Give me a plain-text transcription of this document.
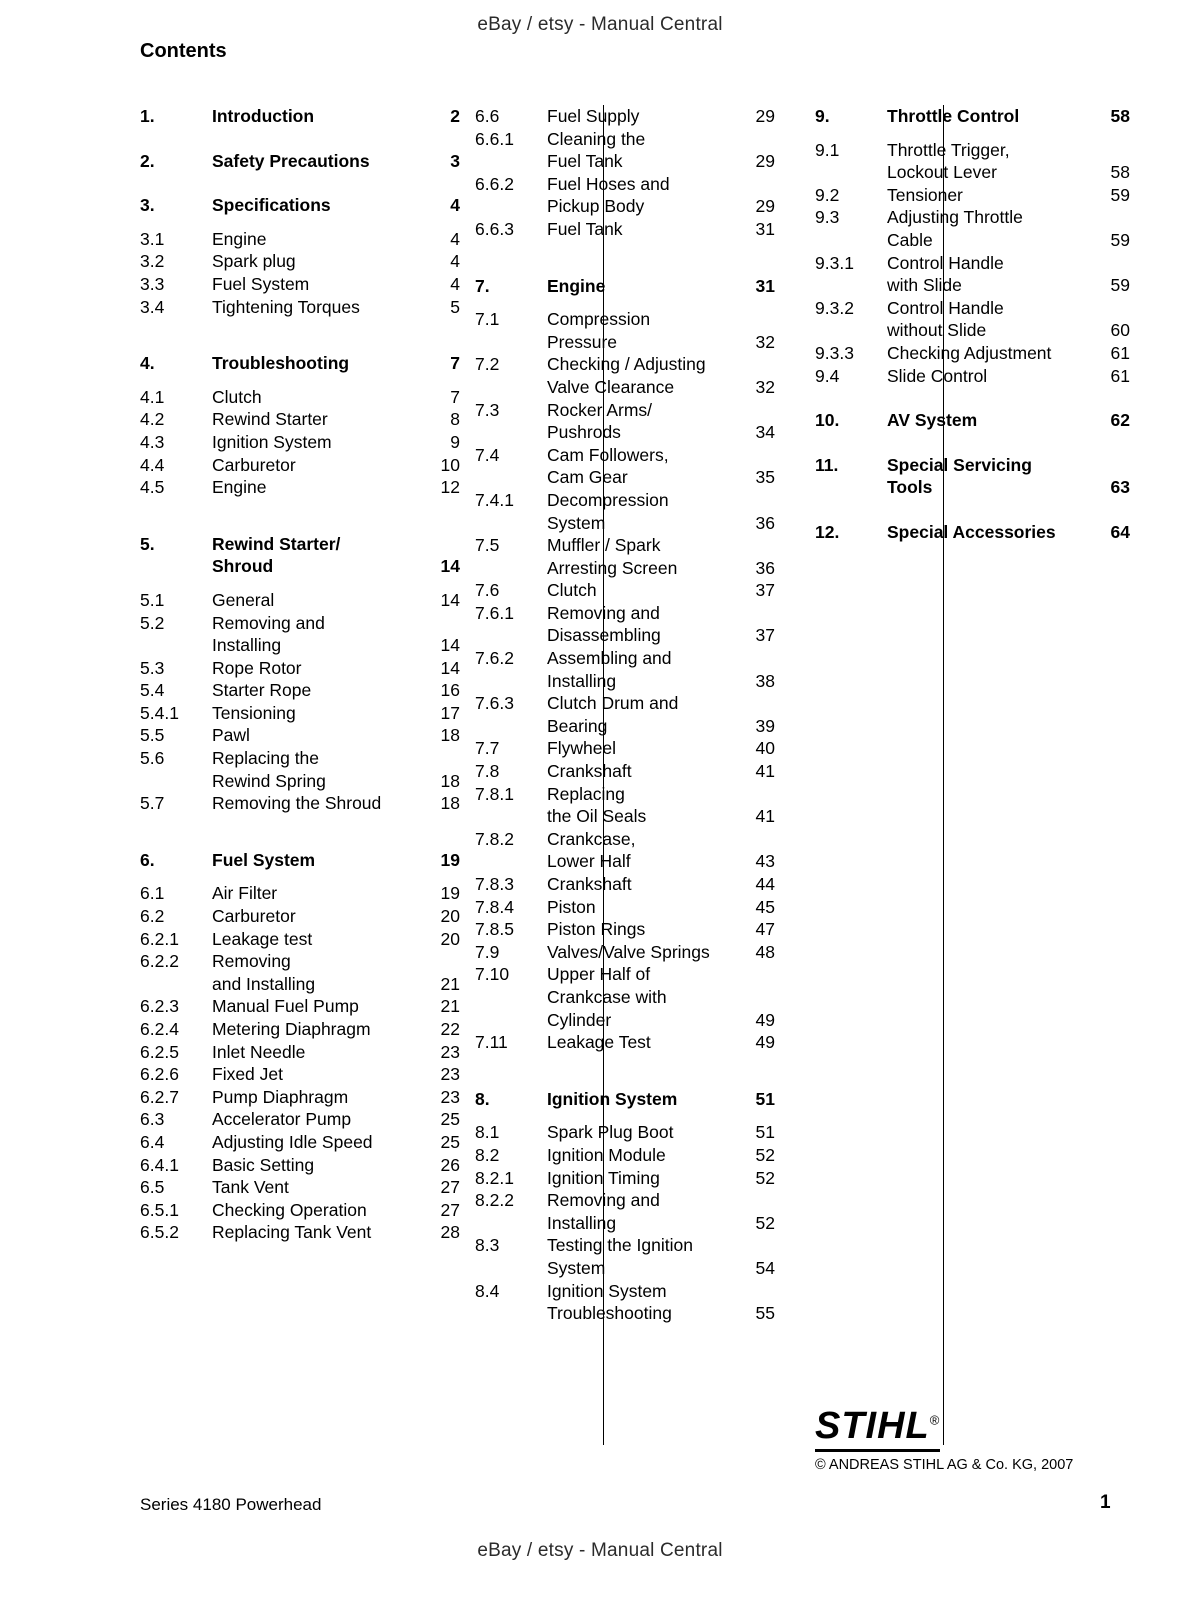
eBay / etsy - Manual Central
Contents
1.	Introduction	2
2.	Safety Precautions	3
3.	Specifications	4
3.1	Engine	4
3.2	Spark plug	4
3.3	Fuel System	4
3.4	Tightening Torques	5
4.	Troubleshooting	7
4.1	Clutch	7
4.2	Rewind Starter	8
4.3	Ignition System	9
4.4	Carburetor	10
4.5	Engine	12
5.	Rewind Starter/
Shroud	14
5.1	General	14
5.2	Removing and
Installing	14
5.3	Rope Rotor	14
5.4	Starter Rope	16
5.4.1	Tensioning	17
5.5	Pawl	18
5.6	Replacing the
Rewind Spring	18
5.7	Removing the Shroud	18
6.	Fuel System	19
6.1	Air Filter	19
6.2	Carburetor	20
6.2.1	Leakage test	20
6.2.2	Removing
and Installing	21
6.2.3	Manual Fuel Pump	21
6.2.4	Metering Diaphragm	22
6.2.5	Inlet Needle	23
6.2.6	Fixed Jet	23
6.2.7	Pump Diaphragm	23
6.3	Accelerator Pump	25
6.4	Adjusting Idle Speed	25
6.4.1	Basic Setting	26
6.5	Tank Vent	27
6.5.1	Checking Operation	27
6.5.2	Replacing Tank Vent	28
6.6	Fuel Supply	29
6.6.1	Cleaning the
Fuel Tank	29
6.6.2	Fuel Hoses and
Pickup Body	29
6.6.3	Fuel Tank	31
7.	Engine	31
7.1	Compression
Pressure	32
7.2	Checking / Adjusting
Valve Clearance	32
7.3	Rocker Arms/
Pushrods	34
7.4	Cam Followers,
Cam Gear	35
7.4.1	Decompression
System	36
7.5	Muffler / Spark
Arresting Screen	36
7.6	Clutch	37
7.6.1	Removing and
Disassembling	37
7.6.2	Assembling and
Installing	38
7.6.3	Clutch Drum and
Bearing	39
7.7	Flywheel	40
7.8	Crankshaft	41
7.8.1	Replacing
the Oil Seals	41
7.8.2	Crankcase,
Lower Half	43
7.8.3	Crankshaft	44
7.8.4	Piston	45
7.8.5	Piston Rings	47
7.9	Valves/Valve Springs	48
7.10	Upper Half of
Crankcase with
Cylinder	49
7.11	Leakage Test	49
8.	Ignition System	51
8.1	Spark Plug Boot	51
8.2	Ignition Module	52
8.2.1	Ignition Timing	52
8.2.2	Removing and
Installing	52
8.3	Testing the Ignition
System	54
8.4	Ignition System
Troubleshooting	55
9.	Throttle Control	58
9.1	Throttle Trigger,
Lockout Lever	58
9.2	Tensioner	59
9.3	Adjusting Throttle
Cable	59
9.3.1	Control Handle
with Slide	59
9.3.2	Control Handle
without Slide	60
9.3.3	Checking Adjustment	61
9.4	Slide Control	61
10.	AV System	62
11.	Special Servicing
Tools	63
12.	Special Accessories	64
STIHL®
© ANDREAS STIHL AG & Co. KG, 2007
Series 4180 Powerhead	1
eBay / etsy - Manual Central
